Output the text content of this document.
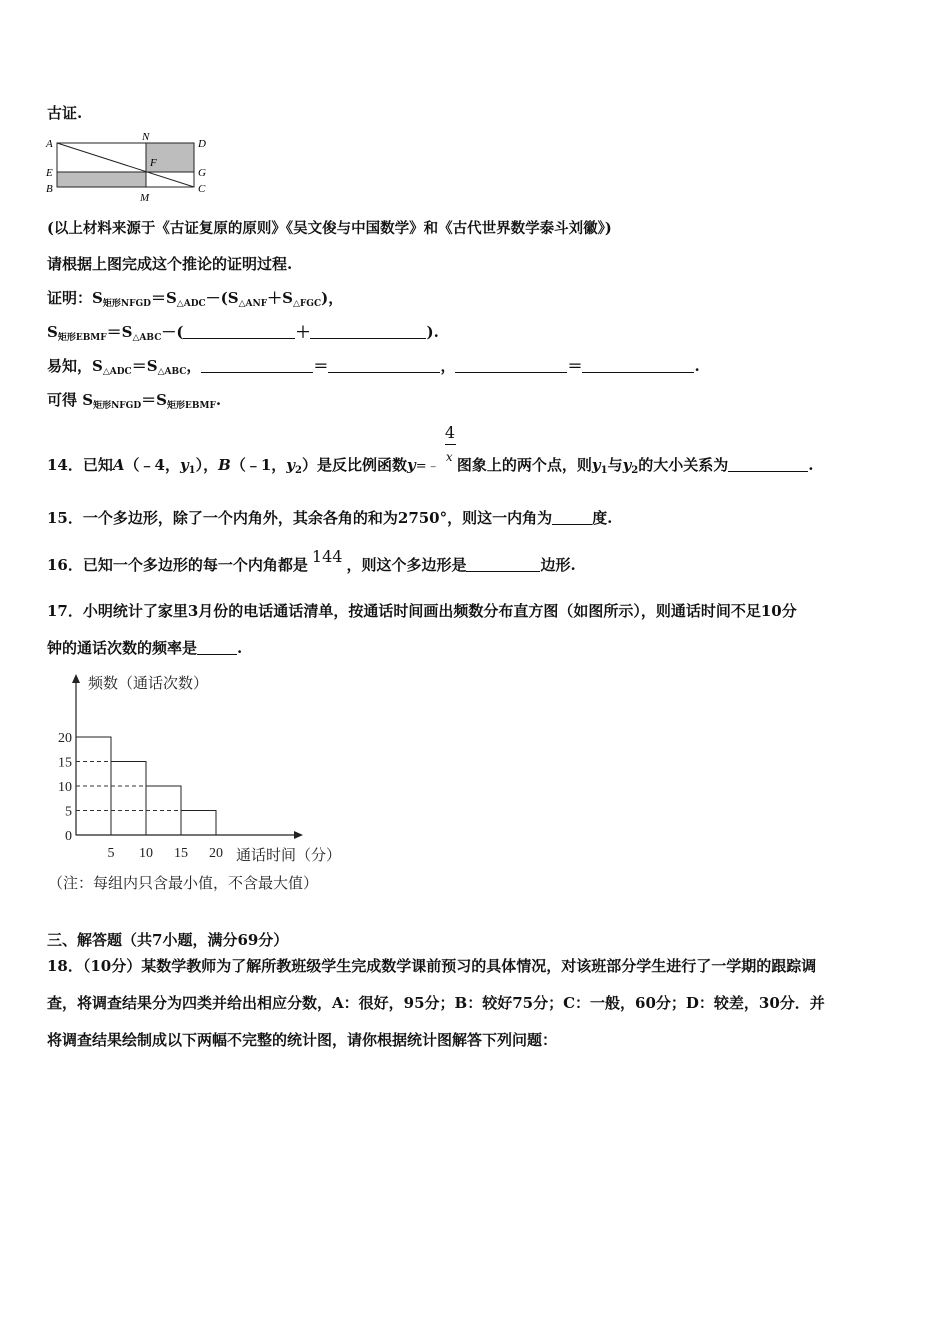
古证.
A
N
D
E
F
G
B	C
M
(以上材料来源于《古证复原的原则》《吴文俊与中国数学》和《古代世界数学泰斗刘徽》)
请根据上图完成这个推论的证明过程.
证明：$S_{矩形NFGD}=S_{\triangle ADC}-(S_{\triangle ANF}+S_{\triangle FGC})$，
$S_{矩形EBMF}=S_{\triangle ABC}-$(	＋	).
易知，$S_{\triangle ADC}=S_{\triangle ABC}$，	＝	，	＝	.
可得 $S_{矩形NFGD}=S_{矩形EBMF}$.
14．已知A（﹣4，$y_1$），B（﹣1，$y_2$）是反比例函数y=﹣
4
x 图象上的两个点，则$y_1$与$y_2$的大小关系为	.
15．一个多边形，除了一个内角外，其余各角的和为2750°，则这一内角为	度.
16．已知一个多边形的每一个内角都是 144 ，则这个多边形是	边形.
17．小明统计了家里3月份的电话通话清单，按通话时间画出频数分布直方图（如图所示），则通话时间不足10分
钟的通话次数的频率是	.
0
5
10
15
20
5 10 15 20
频数（通话次数）
通话时间（分）
（注：每组内只含最小值，不含最大值）
三、解答题（共7小题，满分69分）
18．（10分）某数学教师为了解所教班级学生完成数学课前预习的具体情况，对该班部分学生进行了一学期的跟踪调
查，将调查结果分为四类并给出相应分数，A：很好，95分；B：较好75分；C：一般，60分；D：较差，30分．并
将调查结果绘制成以下两幅不完整的统计图，请你根据统计图解答下列问题：
